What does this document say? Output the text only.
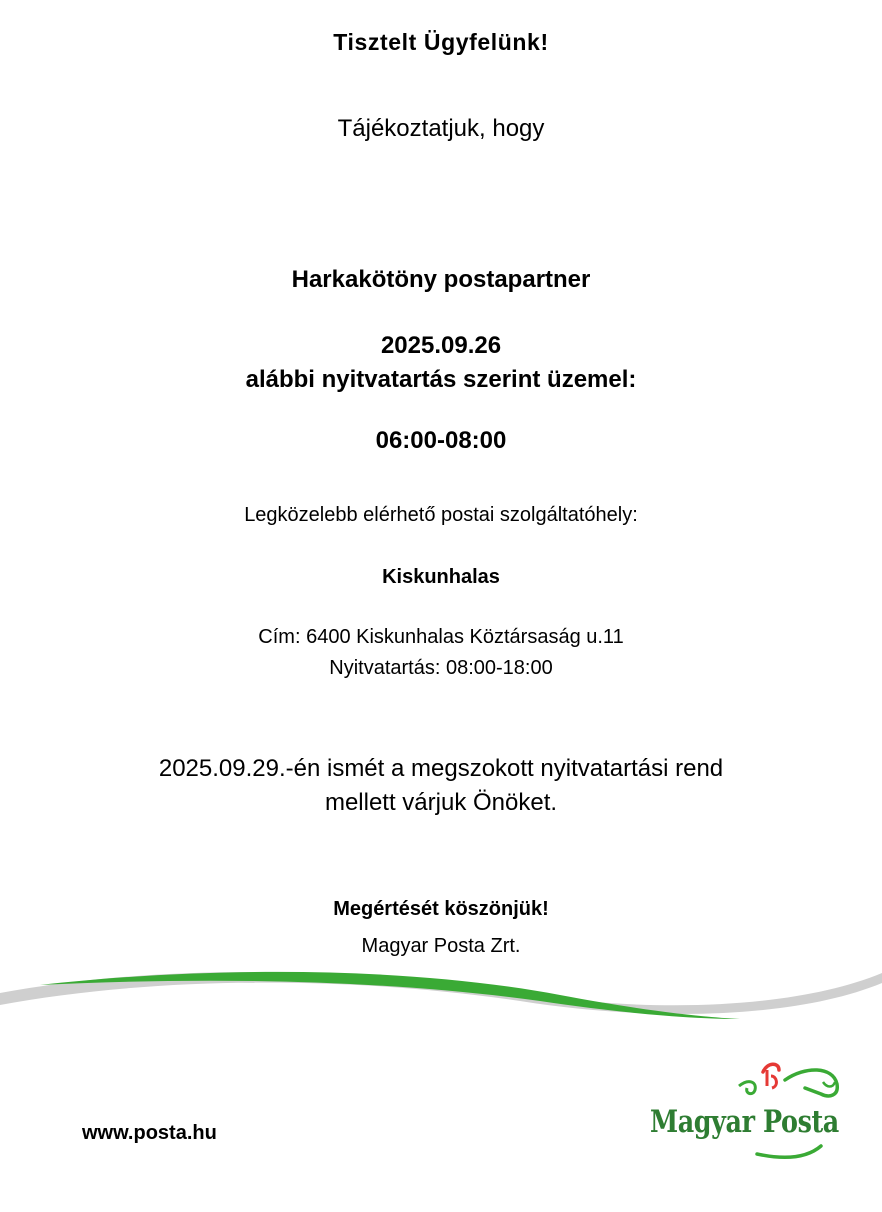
Tisztelt Ügyfelünk!
Tájékoztatjuk, hogy
Harkakötöny postapartner
2025.09.26
alábbi nyitvatartás szerint üzemel:
06:00-08:00
Legközelebb elérhető postai szolgáltatóhely:
Kiskunhalas
Cím: 6400 Kiskunhalas Köztársaság u.11
Nyitvatartás: 08:00-18:00
2025.09.29.-én ismét a megszokott nyitvatartási rend
mellett várjuk Önöket.
Megértését köszönjük!
Magyar Posta Zrt.
www.posta.hu	Magyar Posta
